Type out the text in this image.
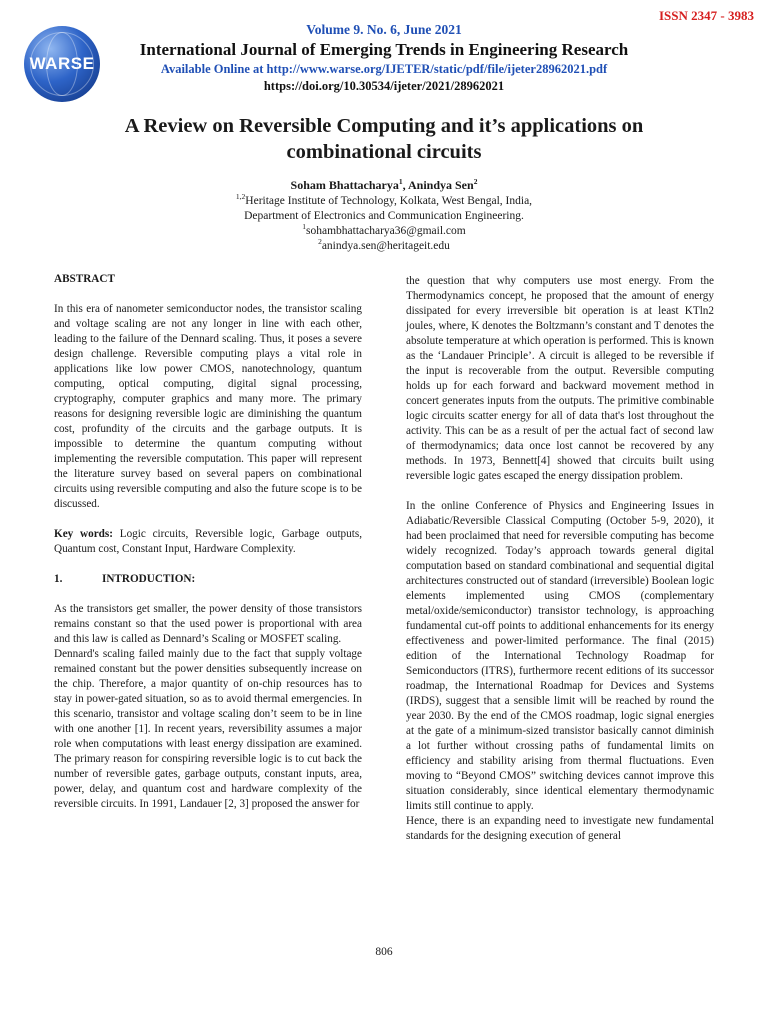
WARSE
ISSN 2347 - 3983
Volume 9. No. 6, June 2021
International Journal of Emerging Trends in Engineering Research
Available Online at http://www.warse.org/IJETER/static/pdf/file/ijeter28962021.pdf
https://doi.org/10.30534/ijeter/2021/28962021
A Review on Reversible Computing and it’s applications on combinational circuits
Soham Bhattacharya$^1$, Anindya Sen$^2$
$^{1,2}$Heritage Institute of Technology, Kolkata, West Bengal, India,
Department of Electronics and Communication Engineering.
$^1$sohambhattacharya36@gmail.com
$^2$anindya.sen@heritageit.edu

ABSTRACT

In this era of nanometer semiconductor nodes, the transistor scaling and voltage scaling are not any longer in line with each other, leading to the failure of the Dennard scaling. Thus, it poses a severe design challenge. Reversible computing plays a vital role in applications like low power CMOS, nanotechnology, quantum computing, optical computing, digital signal processing, cryptography, computer graphics and many more. The primary reasons for designing reversible logic are diminishing the quantum cost, profundity of the circuits and the garbage outputs. It is impossible to determine the quantum computing without implementing the reversible computation. This paper will represent the literature survey based on several papers on combinational circuits using reversible computing and also the future scope is to be discussed.

Key words: Logic circuits, Reversible logic, Garbage outputs, Quantum cost, Constant Input, Hardware Complexity.

1.	INTRODUCTION:

As the transistors get smaller, the power density of those transistors remains constant so that the used power is proportional with area and this law is called as Dennard’s Scaling or MOSFET scaling.

Dennard's scaling failed mainly due to the fact that supply voltage remained constant but the power densities subsequently increase on the chip. Therefore, a major quantity of on-chip resources has to stay in power-gated situation, so as to avoid thermal emergencies. In this scenario, transistor and voltage scaling don’t seem to be in line with one another [1]. In recent years, reversibility assumes a major role when computations with least energy dissipation are examined. The primary reason for conspiring reversible logic is to cut back the number of reversible gates, garbage outputs, constant inputs, area, power, delay, and quantum cost and hardware complexity of the reversible circuits. In 1991, Landauer [2, 3] proposed the answer for

the question that why computers use most energy. From the Thermodynamics concept, he proposed that the amount of energy dissipated for every irreversible bit operation is at least KTln2 joules, where, K denotes the Boltzmann’s constant and T denotes the absolute temperature at which operation is performed. This is known as the ‘Landauer Principle’. A circuit is alleged to be reversible if the input is recoverable from the output. Reversible computing holds up for each forward and backward movement method in concert generates inputs from the outputs. The primitive combinable logic circuits scatter energy for all of data that's lost throughout the activity. This can be as a result of per the actual fact of second law of thermodynamics; data once lost cannot be recovered by any methods. In 1973, Bennett[4] showed that circuits built using reversible logic gates escaped the energy dissipation problem.

In the online Conference of Physics and Engineering Issues in Adiabatic/Reversible Classical Computing (October 5-9, 2020), it had been proclaimed that need for reversible computing has become widely recognized. Today’s approach towards general digital computation based on standard combinational and sequential digital architectures constructed out of standard (irreversible) Boolean logic elements implemented using CMOS (complementary metal/oxide/semiconductor) transistor technology, is approaching fundamental cut-off points to additional enhancements for its energy effectiveness and power-limited performance. The final (2015) edition of the International Technology Roadmap for Semiconductors (ITRS), furthermore recent editions of its successor roadmap, the International Roadmap for Devices and Systems (IRDS), suggest that a sensible limit will be reached by round the year 2030. By the end of the CMOS roadmap, logic signal energies at the gate of a minimum-sized transistor basically cannot diminish a lot further without crossing paths of fundamental limits on efficiency and stability arising from thermal fluctuations. Even moving to “Beyond CMOS” switching devices cannot improve this situation considerably, since identical elementary thermodynamic limits still continue to apply.

Hence, there is an expanding need to investigate new fundamental standards for the designing execution of general

806
